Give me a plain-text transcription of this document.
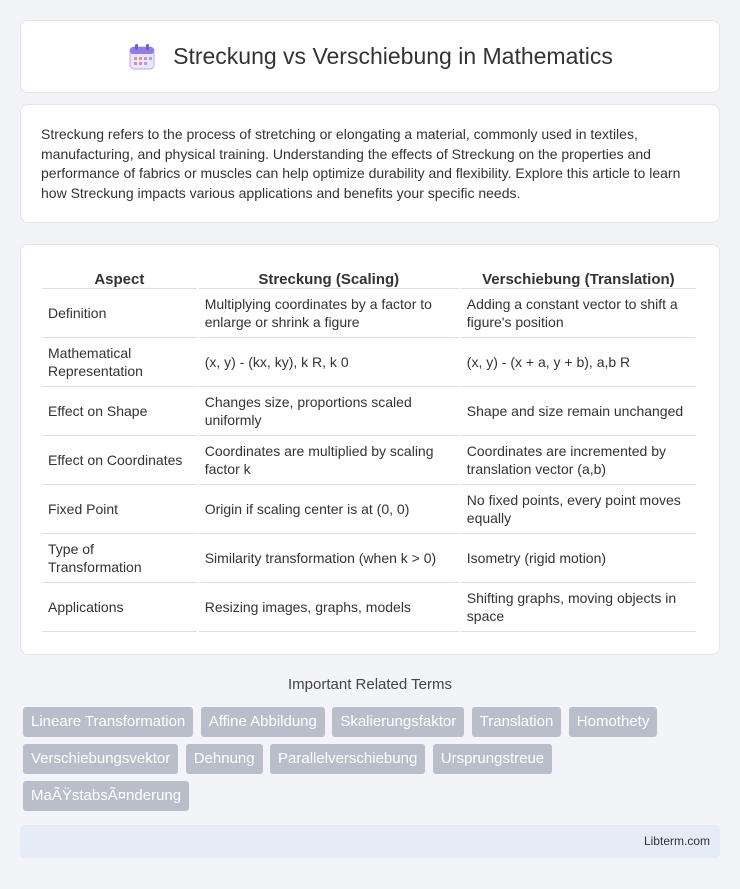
Streckung vs Verschiebung in Mathematics

Streckung refers to the process of stretching or elongating a material, commonly used in textiles, manufacturing, and physical training. Understanding the effects of Streckung on the properties and performance of fabrics or muscles can help optimize durability and flexibility. Explore this article to learn how Streckung impacts various applications and benefits your specific needs.

Aspect	Streckung (Scaling)	Verschiebung (Translation)
Definition	Multiplying coordinates by a factor to enlarge or shrink a figure	Adding a constant vector to shift a figure's position
Mathematical Representation	(x, y) - (kx, ky), k R, k 0	(x, y) - (x + a, y + b), a,b R
Effect on Shape	Changes size, proportions scaled uniformly	Shape and size remain unchanged
Effect on Coordinates	Coordinates are multiplied by scaling factor k	Coordinates are incremented by translation vector (a,b)
Fixed Point	Origin if scaling center is at (0, 0)	No fixed points, every point moves equally
Type of Transformation	Similarity transformation (when k > 0)	Isometry (rigid motion)
Applications	Resizing images, graphs, models	Shifting graphs, moving objects in space
Important Related Terms
Lineare Transformation Affine Abbildung Skalierungsfaktor Translation Homothety Verschiebungsvektor Dehnung Parallelverschiebung Ursprungstreue MaÃŸstabsÃ¤nderung
Libterm.com
